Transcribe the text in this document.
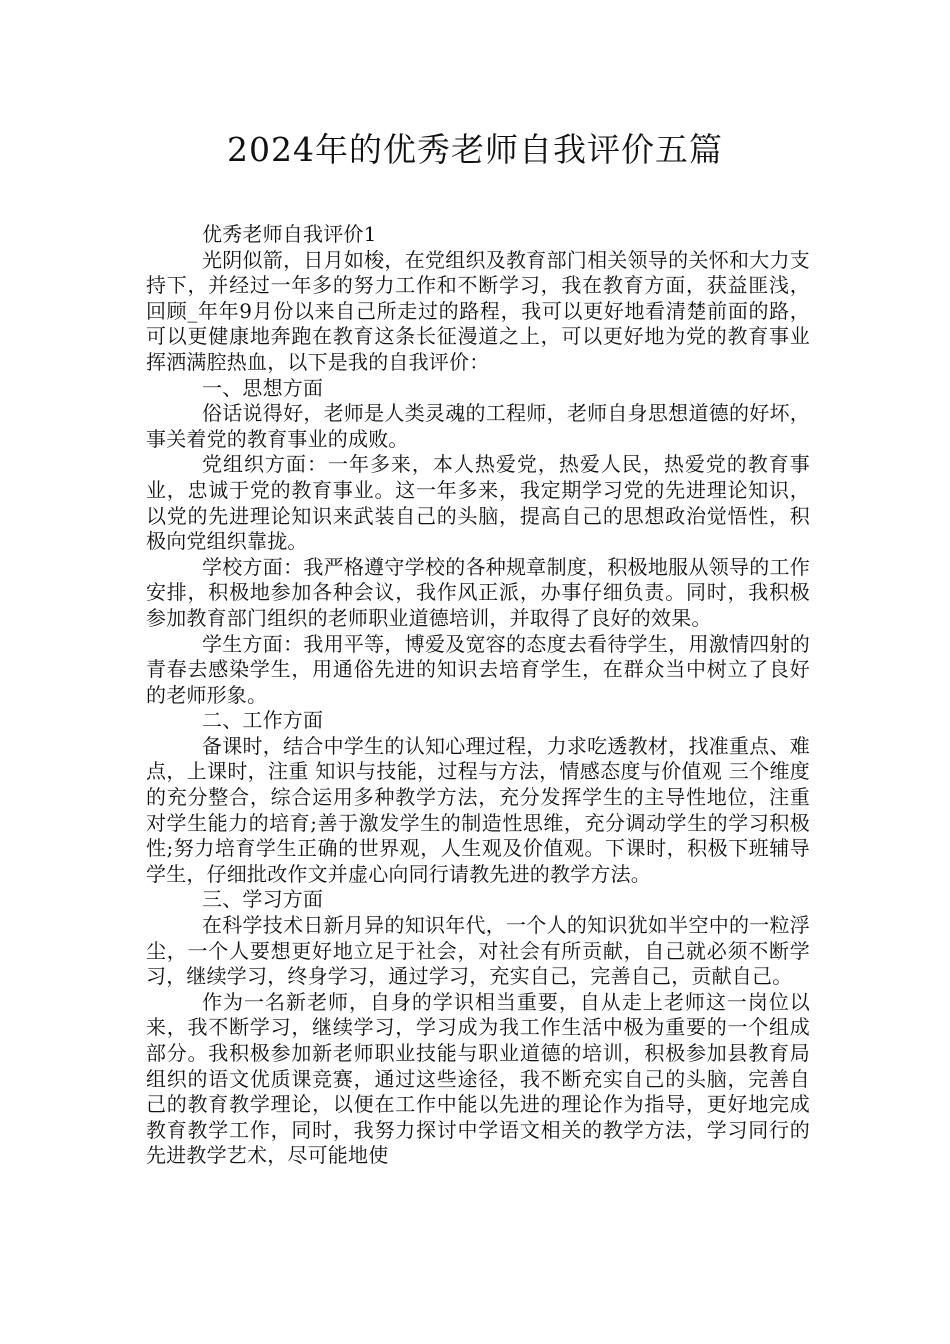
2024年的优秀老师自我评价五篇

优秀老师自我评价1

光阴似箭，日月如梭，在党组织及教育部门相关领导的关怀和大力支持下，并经过一年多的努力工作和不断学习，我在教育方面，获益匪浅，回顾_年年9月份以来自己所走过的路程，我可以更好地看清楚前面的路，可以更健康地奔跑在教育这条长征漫道之上，可以更好地为党的教育事业挥洒满腔热血，以下是我的自我评价：

一、思想方面

俗话说得好，老师是人类灵魂的工程师，老师自身思想道德的好坏，事关着党的教育事业的成败。

党组织方面：一年多来，本人热爱党，热爱人民，热爱党的教育事业，忠诚于党的教育事业。这一年多来，我定期学习党的先进理论知识，以党的先进理论知识来武装自己的头脑，提高自己的思想政治觉悟性，积极向党组织靠拢。

学校方面：我严格遵守学校的各种规章制度，积极地服从领导的工作安排，积极地参加各种会议，我作风正派，办事仔细负责。同时，我积极参加教育部门组织的老师职业道德培训，并取得了良好的效果。

学生方面：我用平等，博爱及宽容的态度去看待学生，用激情四射的青春去感染学生，用通俗先进的知识去培育学生，在群众当中树立了良好的老师形象。

二、工作方面

备课时，结合中学生的认知心理过程，力求吃透教材，找准重点、难点，上课时，注重 知识与技能，过程与方法，情感态度与价值观 三个维度的充分整合，综合运用多种教学方法，充分发挥学生的主导性地位，注重对学生能力的培育;善于激发学生的制造性思维，充分调动学生的学习积极性;努力培育学生正确的世界观，人生观及价值观。下课时，积极下班辅导学生，仔细批改作文并虚心向同行请教先进的教学方法。

三、学习方面

在科学技术日新月异的知识年代，一个人的知识犹如半空中的一粒浮尘，一个人要想更好地立足于社会，对社会有所贡献，自己就必须不断学习，继续学习，终身学习，通过学习，充实自己，完善自己，贡献自己。

作为一名新老师，自身的学识相当重要，自从走上老师这一岗位以来，我不断学习，继续学习，学习成为我工作生活中极为重要的一个组成部分。我积极参加新老师职业技能与职业道德的培训，积极参加县教育局组织的语文优质课竞赛，通过这些途径，我不断充实自己的头脑，完善自己的教育教学理论，以便在工作中能以先进的理论作为指导，更好地完成教育教学工作，同时，我努力探讨中学语文相关的教学方法，学习同行的先进教学艺术，尽可能地使
